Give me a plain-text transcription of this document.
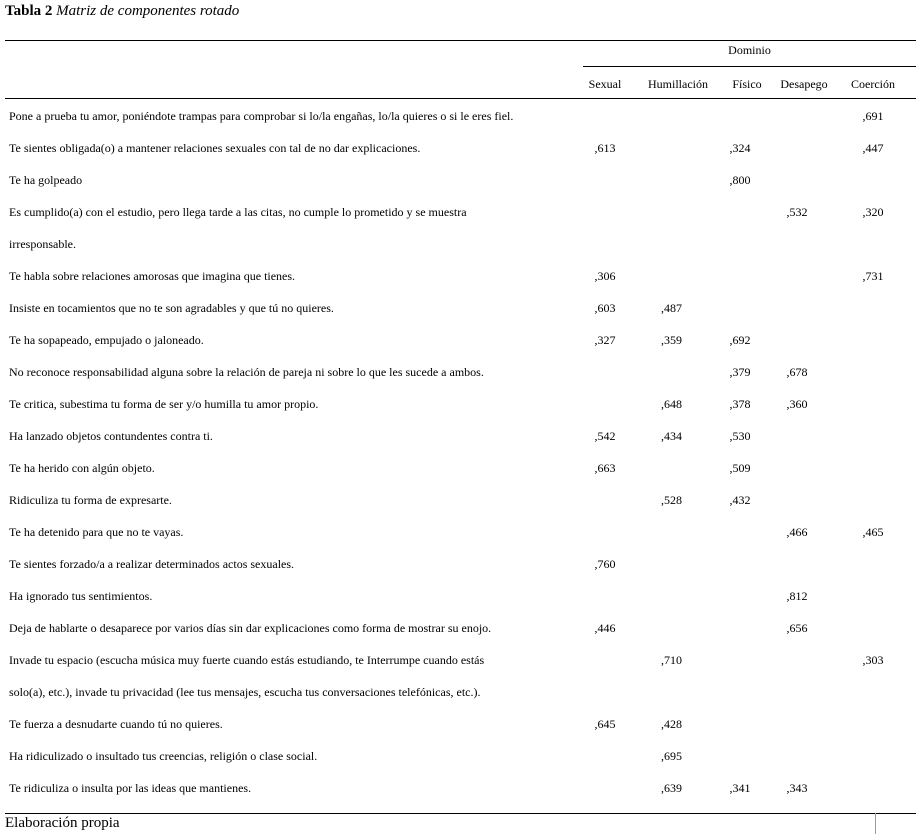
Tabla 2 Matriz de componentes rotado
Dominio
Sexual	Humillación	Físico	Desapego	Coerción
Pone a prueba tu amor, poniéndote trampas para comprobar si lo/la engañas, lo/la quieres o si le eres fiel.					,691

Te sientes obligada(o) a mantener relaciones sexuales con tal de no dar explicaciones.	,613		,324		,447

Te ha golpeado			,800		

Es cumplido(a) con el estudio, pero llega tarde a las citas, no cumple lo prometido y se muestra
irresponsable.				,532	,320

Te habla sobre relaciones amorosas que imagina que tienes.	,306				,731

Insiste en tocamientos que no te son agradables y que tú no quieres.	,603	,487			

Te ha sopapeado, empujado o jaloneado.	,327	,359	,692		

No reconoce responsabilidad alguna sobre la relación de pareja ni sobre lo que les sucede a ambos.			,379	,678	

Te critica, subestima tu forma de ser y/o humilla tu amor propio.		,648	,378	,360	

Ha lanzado objetos contundentes contra ti.	,542	,434	,530		

Te ha herido con algún objeto.	,663		,509		

Ridiculiza tu forma de expresarte.		,528	,432		

Te ha detenido para que no te vayas.				,466	,465

Te sientes forzado/a a realizar determinados actos sexuales.	,760				

Ha ignorado tus sentimientos.				,812	

Deja de hablarte o desaparece por varios días sin dar explicaciones como forma de mostrar su enojo.	,446			,656	

Invade tu espacio (escucha música muy fuerte cuando estás estudiando, te Interrumpe cuando estás
solo(a), etc.), invade tu privacidad (lee tus mensajes, escucha tus conversaciones telefónicas, etc.).		,710			,303

Te fuerza a desnudarte cuando tú no quieres.	,645	,428			

Ha ridiculizado o insultado tus creencias, religión o clase social.		,695			

Te ridiculiza o insulta por las ideas que mantienes.		,639	,341	,343	
Elaboración propia
